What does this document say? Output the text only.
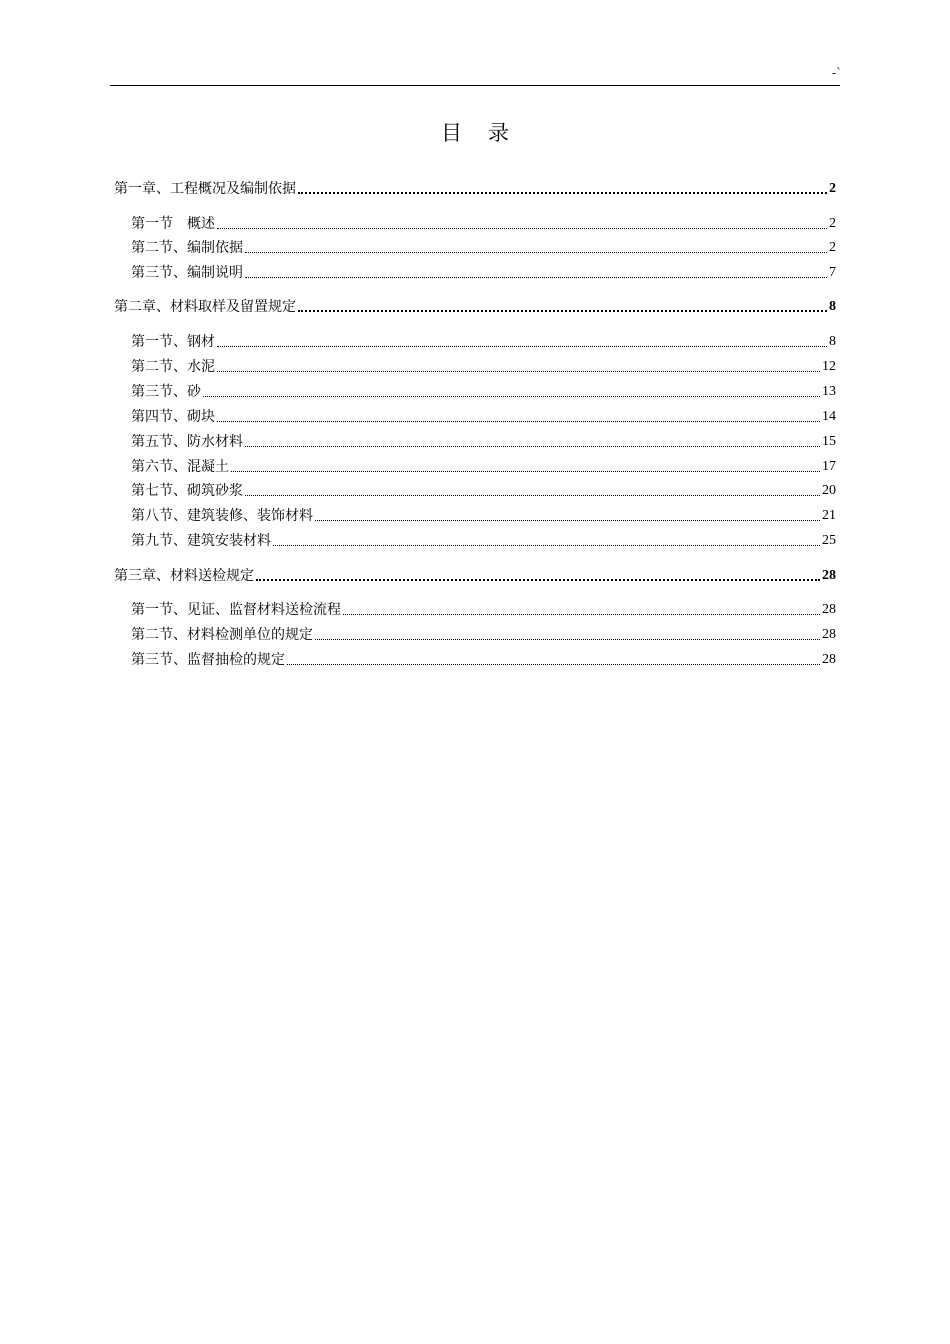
-`
目录
第一章、工程概况及编制依据	2
第一节　概述	2
第二节、编制依据	2
第三节、编制说明	7
第二章、材料取样及留置规定	8
第一节、钢材	8
第二节、水泥	12
第三节、砂	13
第四节、砌块	14
第五节、防水材料	15
第六节、混凝土	17
第七节、砌筑砂浆	20
第八节、建筑装修、装饰材料	21
第九节、建筑安装材料	25
第三章、材料送检规定	28
第一节、见证、监督材料送检流程	28
第二节、材料检测单位的规定	28
第三节、监督抽检的规定	28
